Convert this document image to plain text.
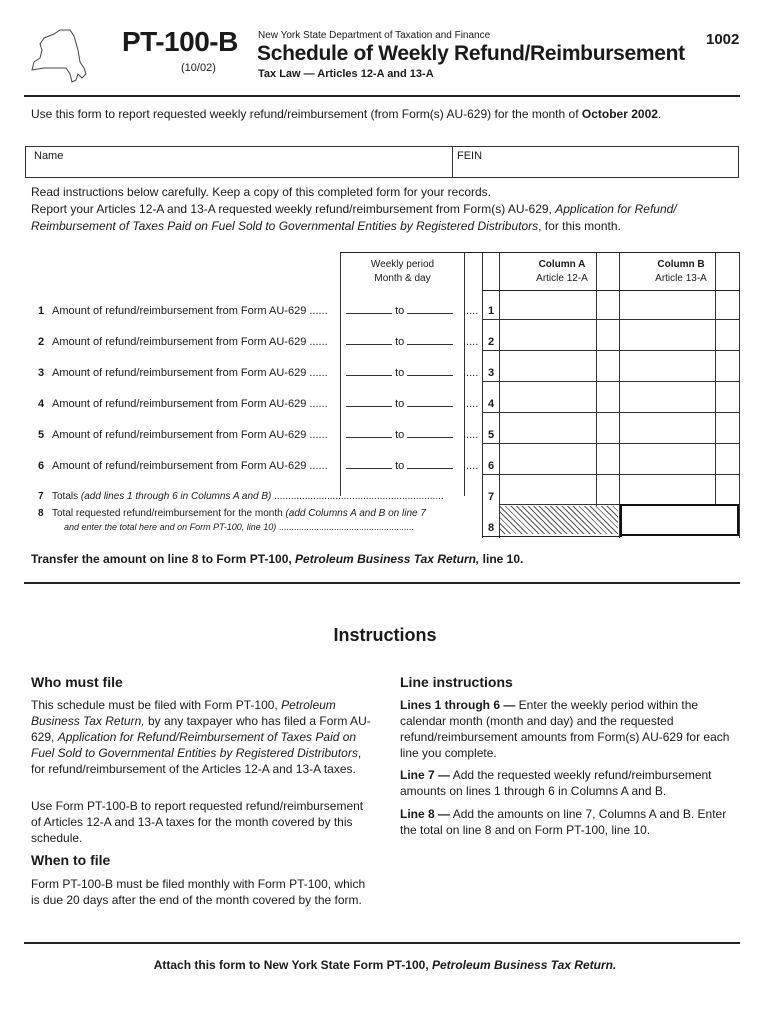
PT-100-B
(10/02)
New York State Department of Taxation and Finance
Schedule of Weekly Refund/Reimbursement
Tax Law — Articles 12-A and 13-A
1002
Use this form to report requested weekly refund/reimbursement (from Form(s) AU-629) for the month of October 2002.
Name	FEIN
Read instructions below carefully. Keep a copy of this completed form for your records.
Report your Articles 12-A and 13-A requested weekly refund/reimbursement from Form(s) AU-629, Application for Refund/ Reimbursement of Taxes Paid on Fuel Sold to Governmental Entities by Registered Distributors, for this month.
Weekly period
Month & day
Column A
Article 12-A
Column B
Article 13-A
1 Amount of refund/reimbursement from Form AU-629 ......	to	..... 1
2 Amount of refund/reimbursement from Form AU-629 ......	to	..... 2
3 Amount of refund/reimbursement from Form AU-629 ......	to	..... 3
4 Amount of refund/reimbursement from Form AU-629 ......	to	..... 4
5 Amount of refund/reimbursement from Form AU-629 ......	to	..... 5
6 Amount of refund/reimbursement from Form AU-629 ......	to	..... 6
7 Totals (add lines 1 through 6 in Columns A and B) .............................................................	7
8 Total requested refund/reimbursement for the month (add Columns A and B on line 7
and enter the total here and on Form PT-100, line 10) ......................................................	8
Transfer the amount on line 8 to Form PT-100, Petroleum Business Tax Return, line 10.
Instructions
Who must file
This schedule must be filed with Form PT-100, Petroleum Business Tax Return, by any taxpayer who has filed a Form AU-629, Application for Refund/Reimbursement of Taxes Paid on Fuel Sold to Governmental Entities by Registered Distributors, for refund/reimbursement of the Articles 12-A and 13-A taxes.
Use Form PT-100-B to report requested refund/reimbursement of Articles 12-A and 13-A taxes for the month covered by this schedule.
When to file
Form PT-100-B must be filed monthly with Form PT-100, which is due 20 days after the end of the month covered by the form.
Line instructions
Lines 1 through 6 — Enter the weekly period within the calendar month (month and day) and the requested refund/reimbursement amounts from Form(s) AU-629 for each line you complete.
Line 7 — Add the requested weekly refund/reimbursement amounts on lines 1 through 6 in Columns A and B.
Line 8 — Add the amounts on line 7, Columns A and B. Enter the total on line 8 and on Form PT-100, line 10.
Attach this form to New York State Form PT-100, Petroleum Business Tax Return.
